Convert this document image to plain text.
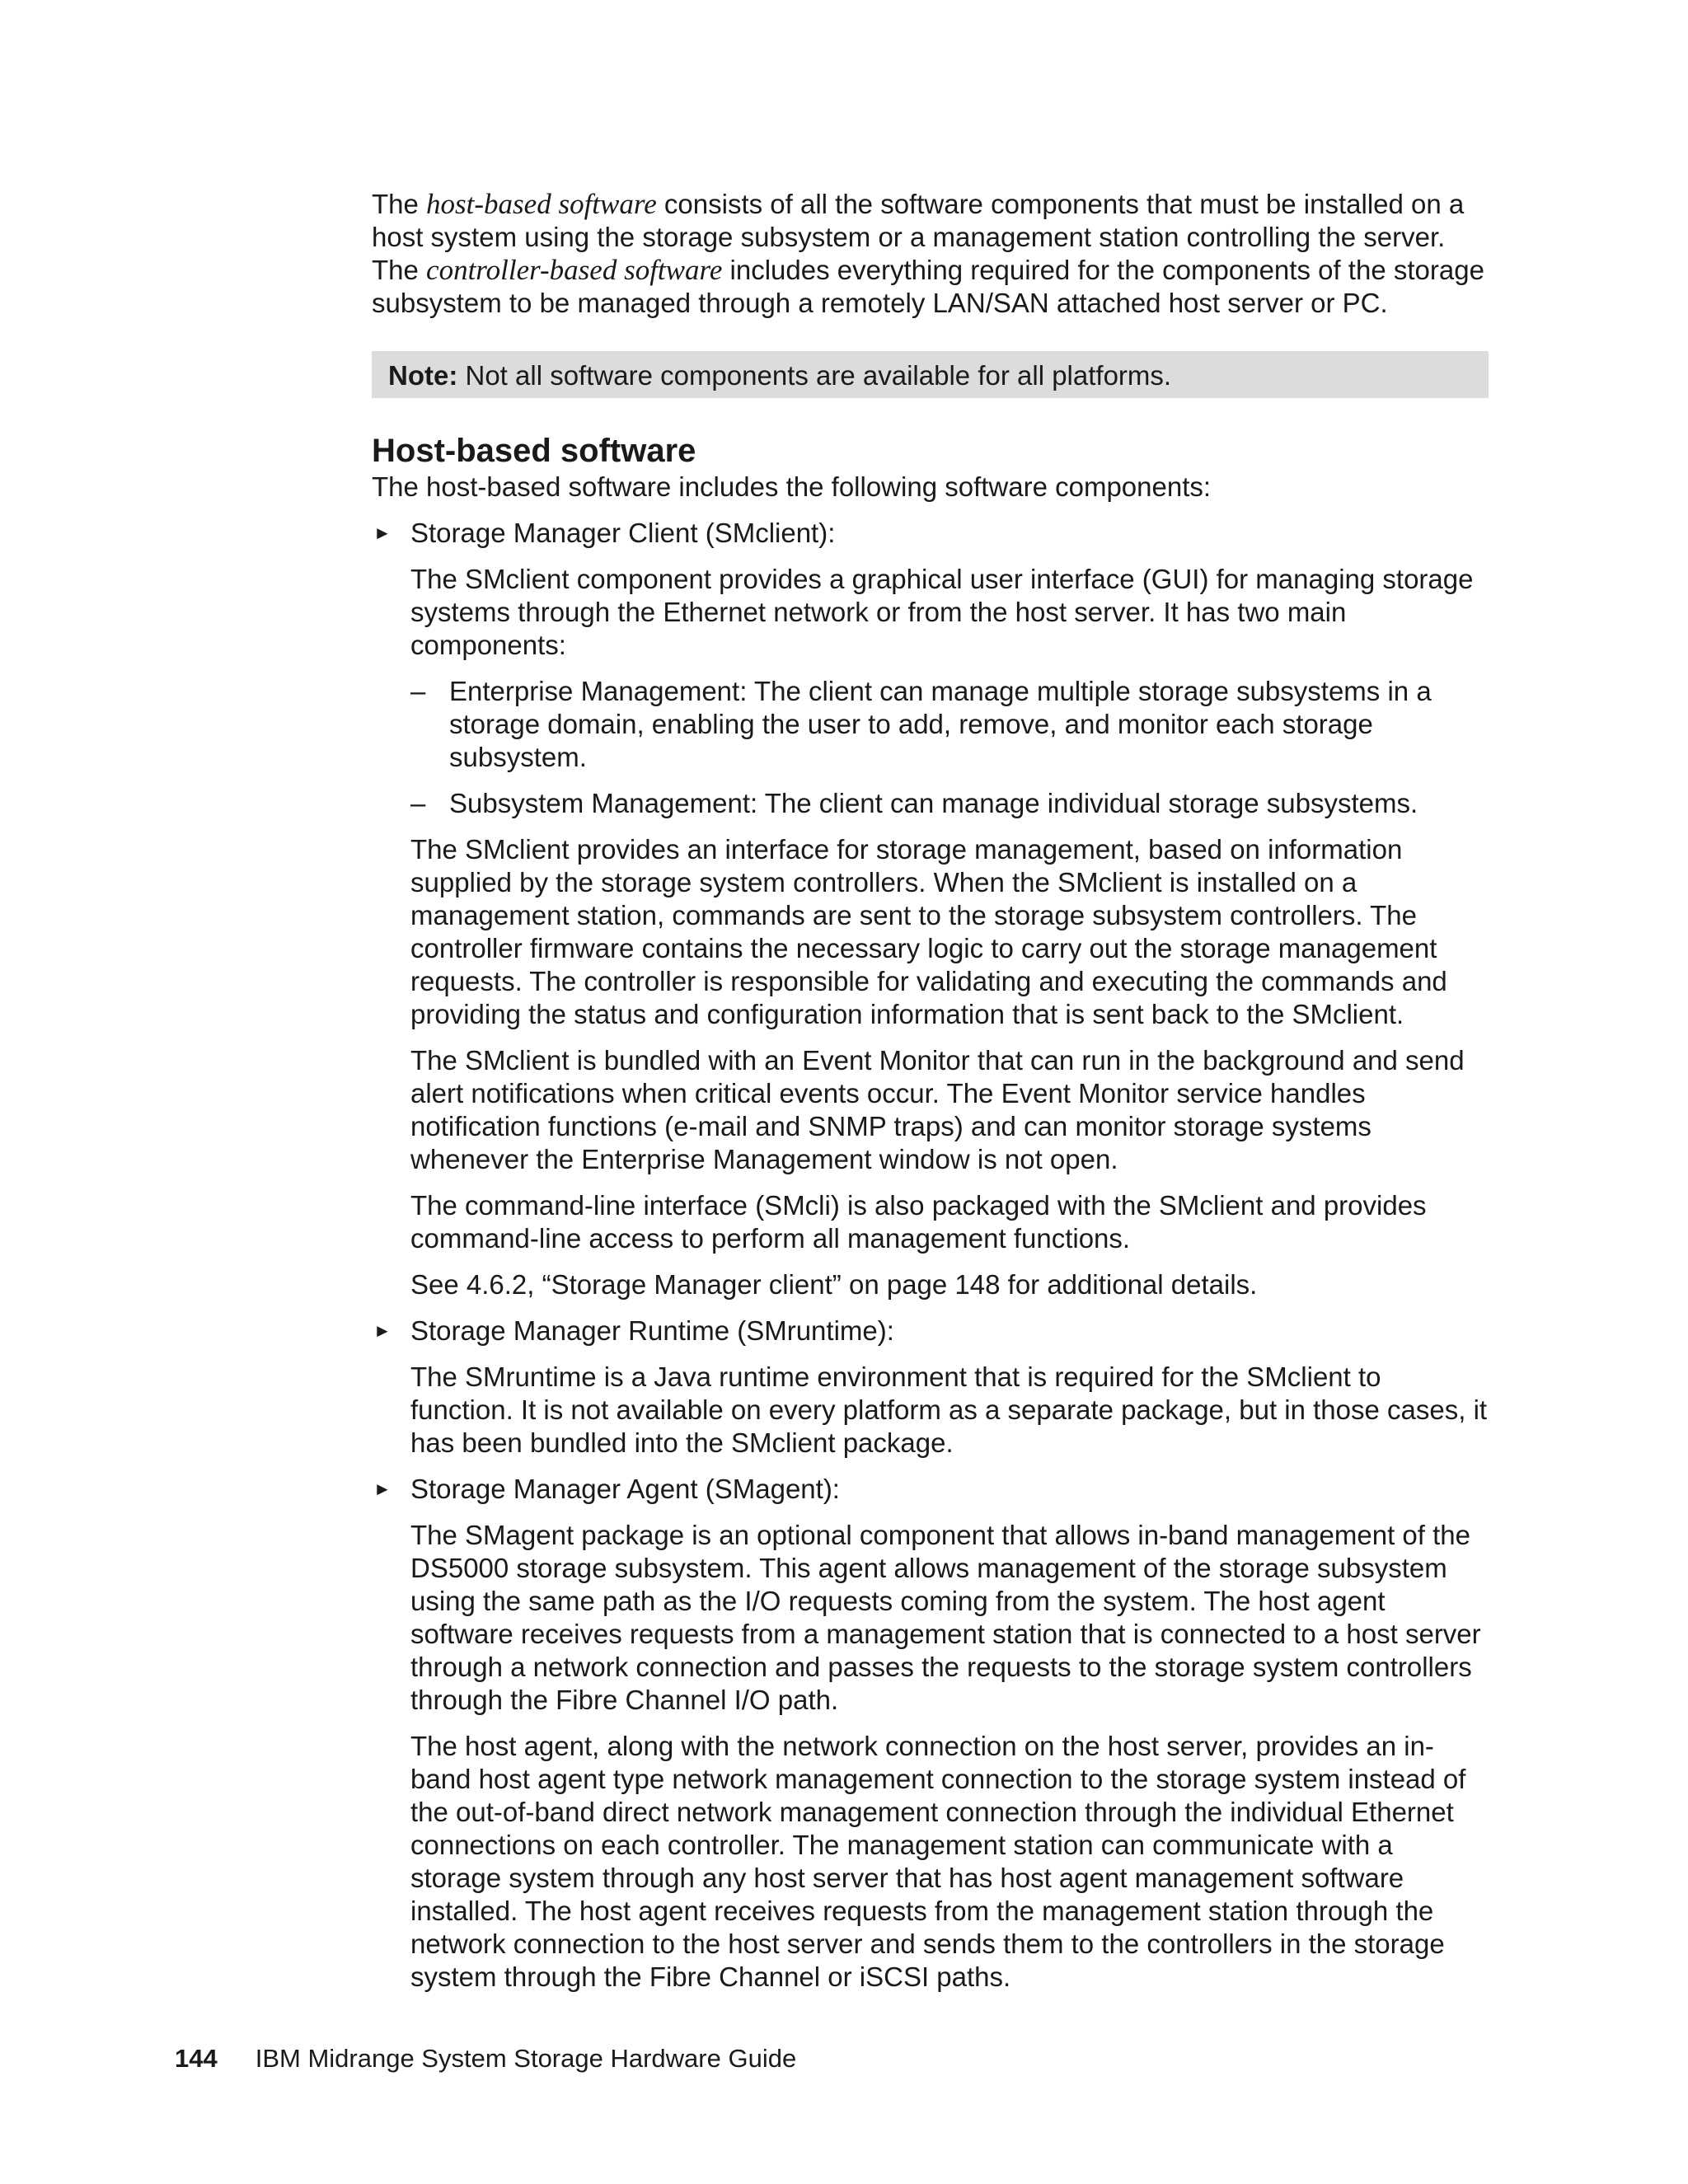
The host-based software consists of all the software components that must be installed on a host system using the storage subsystem or a management station controlling the server. The controller-based software includes everything required for the components of the storage subsystem to be managed through a remotely LAN/SAN attached host server or PC.

Note: Not all software components are available for all platforms.
Host-based software

The host-based software includes the following software components:

► Storage Manager Client (SMclient):

The SMclient component provides a graphical user interface (GUI) for managing storage systems through the Ethernet network or from the host server. It has two main components:

– Enterprise Management: The client can manage multiple storage subsystems in a storage domain, enabling the user to add, remove, and monitor each storage subsystem.
– Subsystem Management: The client can manage individual storage subsystems.

The SMclient provides an interface for storage management, based on information supplied by the storage system controllers. When the SMclient is installed on a management station, commands are sent to the storage subsystem controllers. The controller firmware contains the necessary logic to carry out the storage management requests. The controller is responsible for validating and executing the commands and providing the status and configuration information that is sent back to the SMclient.

The SMclient is bundled with an Event Monitor that can run in the background and send alert notifications when critical events occur. The Event Monitor service handles notification functions (e-mail and SNMP traps) and can monitor storage systems whenever the Enterprise Management window is not open.

The command-line interface (SMcli) is also packaged with the SMclient and provides command-line access to perform all management functions.

See 4.6.2, “Storage Manager client” on page 148 for additional details.

► Storage Manager Runtime (SMruntime):

The SMruntime is a Java runtime environment that is required for the SMclient to function. It is not available on every platform as a separate package, but in those cases, it has been bundled into the SMclient package.

► Storage Manager Agent (SMagent):

The SMagent package is an optional component that allows in-band management of the DS5000 storage subsystem. This agent allows management of the storage subsystem using the same path as the I/O requests coming from the system. The host agent software receives requests from a management station that is connected to a host server through a network connection and passes the requests to the storage system controllers through the Fibre Channel I/O path.

The host agent, along with the network connection on the host server, provides an in-band host agent type network management connection to the storage system instead of the out-of-band direct network management connection through the individual Ethernet connections on each controller. The management station can communicate with a storage system through any host server that has host agent management software installed. The host agent receives requests from the management station through the network connection to the host server and sends them to the controllers in the storage system through the Fibre Channel or iSCSI paths.

144 IBM Midrange System Storage Hardware Guide
